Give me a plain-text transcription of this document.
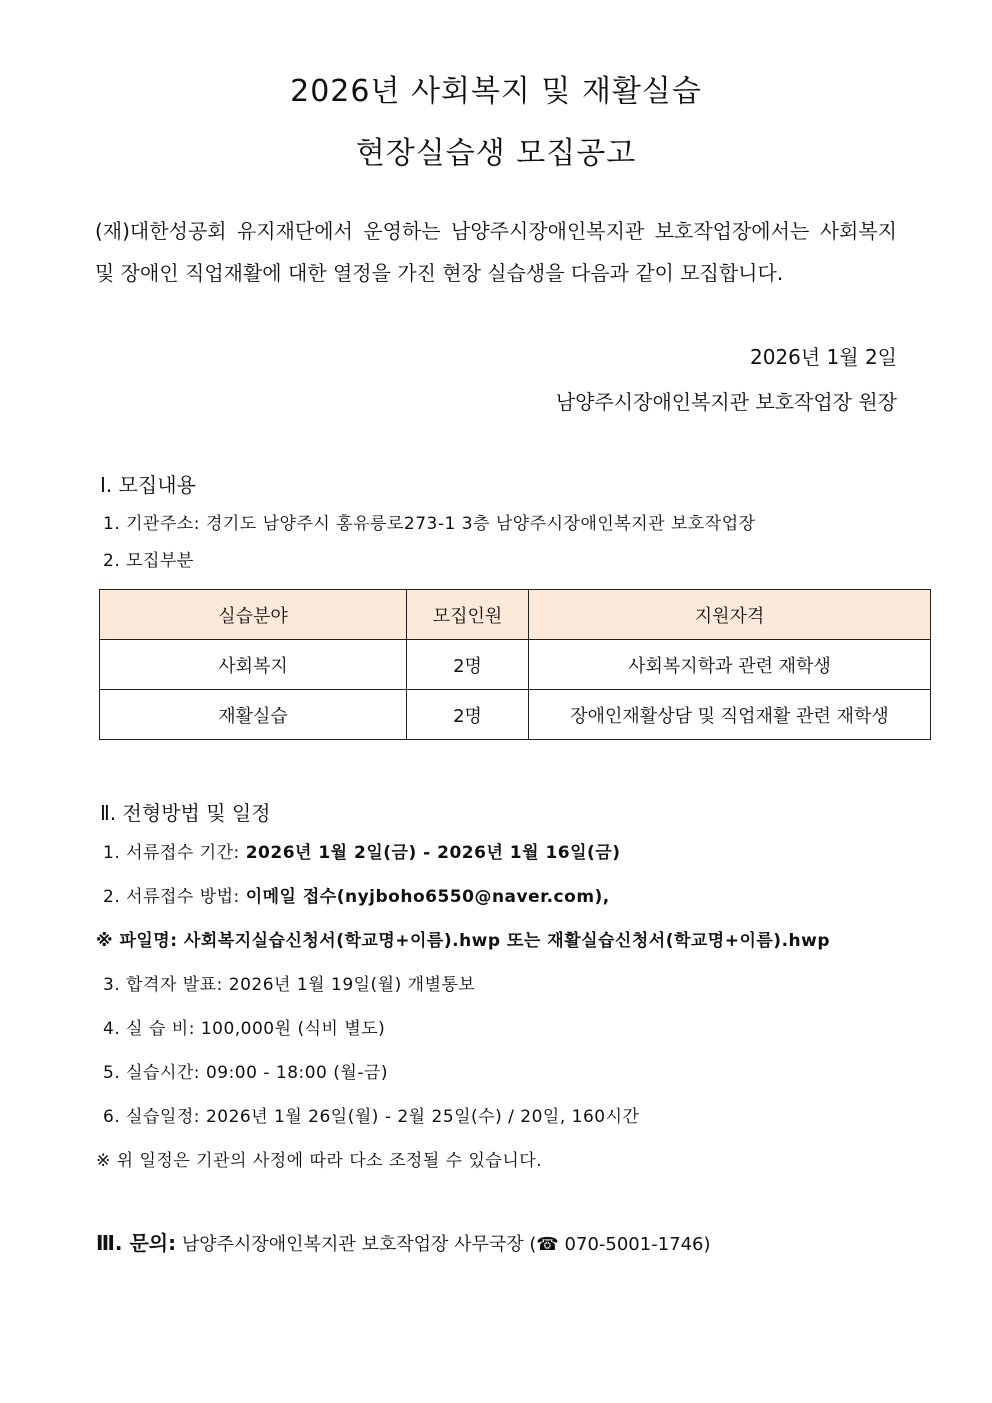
2026년 사회복지 및 재활실습
현장실습생 모집공고

(재)대한성공회 유지재단에서 운영하는 남양주시장애인복지관 보호작업장에서는 사회복지 및 장애인 직업재활에 대한 열정을 가진 현장 실습생을 다음과 같이 모집합니다.

2026년 1월 2일
남양주시장애인복지관 보호작업장 원장
Ⅰ. 모집내용
1. 기관주소: 경기도 남양주시 홍유릉로273-1 3층 남양주시장애인복지관 보호작업장
2. 모집부분
실습분야	모집인원	지원자격
사회복지	2명	사회복지학과 관련 재학생
재활실습	2명	장애인재활상담 및 직업재활 관련 재학생
Ⅱ. 전형방법 및 일정
1. 서류접수 기간: 2026년 1월 2일(금) - 2026년 1월 16일(금)
2. 서류접수 방법: 이메일 접수(nyjboho6550@naver.com),
※ 파일명: 사회복지실습신청서(학교명+이름).hwp 또는 재활실습신청서(학교명+이름).hwp
3. 합격자 발표: 2026년 1월 19일(월) 개별통보
4. 실 습 비: 100,000원 (식비 별도)
5. 실습시간: 09:00 - 18:00 (월-금)
6. 실습일정: 2026년 1월 26일(월) - 2월 25일(수) / 20일, 160시간
※ 위 일정은 기관의 사정에 따라 다소 조정될 수 있습니다.
Ⅲ. 문의: 남양주시장애인복지관 보호작업장 사무국장 (☎ 070-5001-1746)
